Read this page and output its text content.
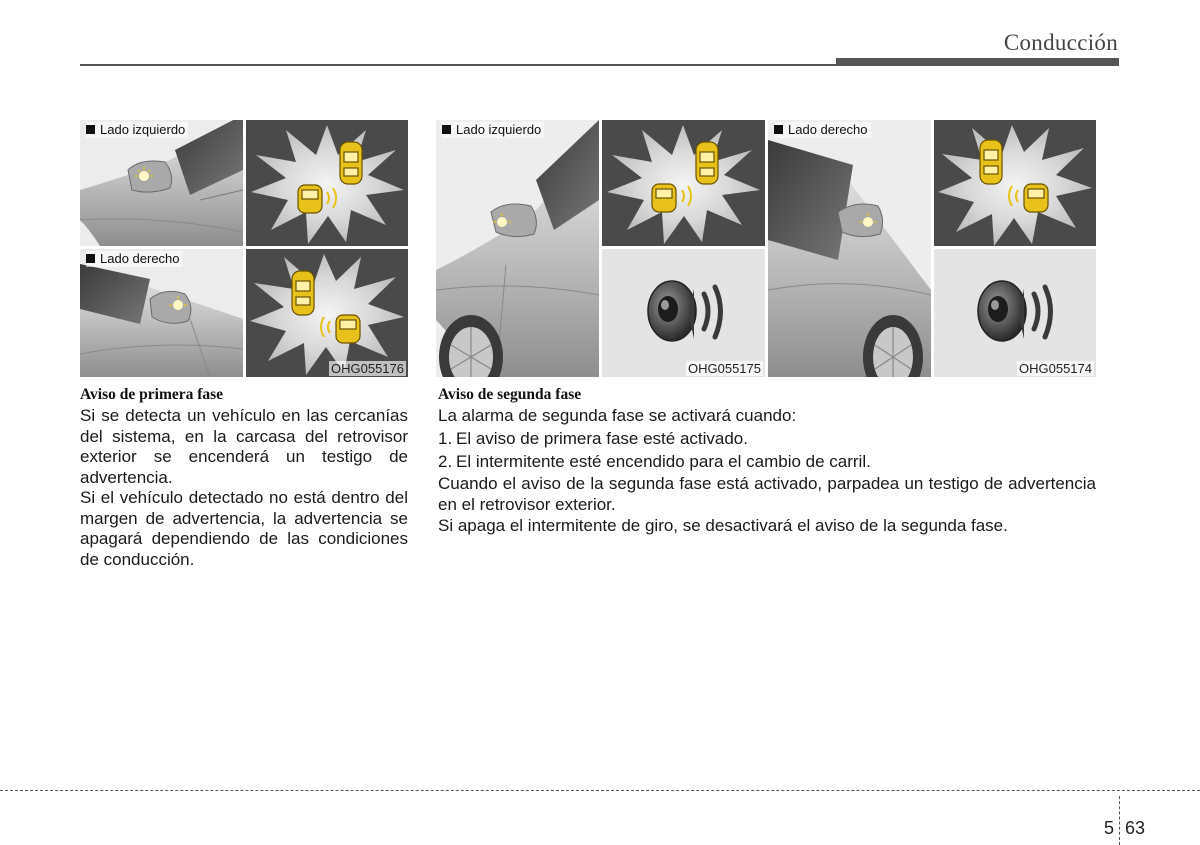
Conducción
Lado izquierdo
Lado derecho
OHG055176
Lado izquierdo
OHG055175
Lado derecho
OHG055174
Aviso de primera fase
Si se detecta un vehículo en las cercanías del sistema, en la carcasa del retrovisor exterior se encenderá un testigo de advertencia.
Si el vehículo detectado no está dentro del margen de advertencia, la advertencia se apagará dependiendo de las condiciones de conducción.
Aviso de segunda fase
La alarma de segunda fase se activará cuando:
1. El aviso de primera fase esté activado.
2. El intermitente esté encendido para el cambio de carril.
Cuando el aviso de la segunda fase está activado, parpadea un testigo de advertencia en el retrovisor exterior.
Si apaga el intermitente de giro, se desactivará el aviso de la segunda fase.
5 63
